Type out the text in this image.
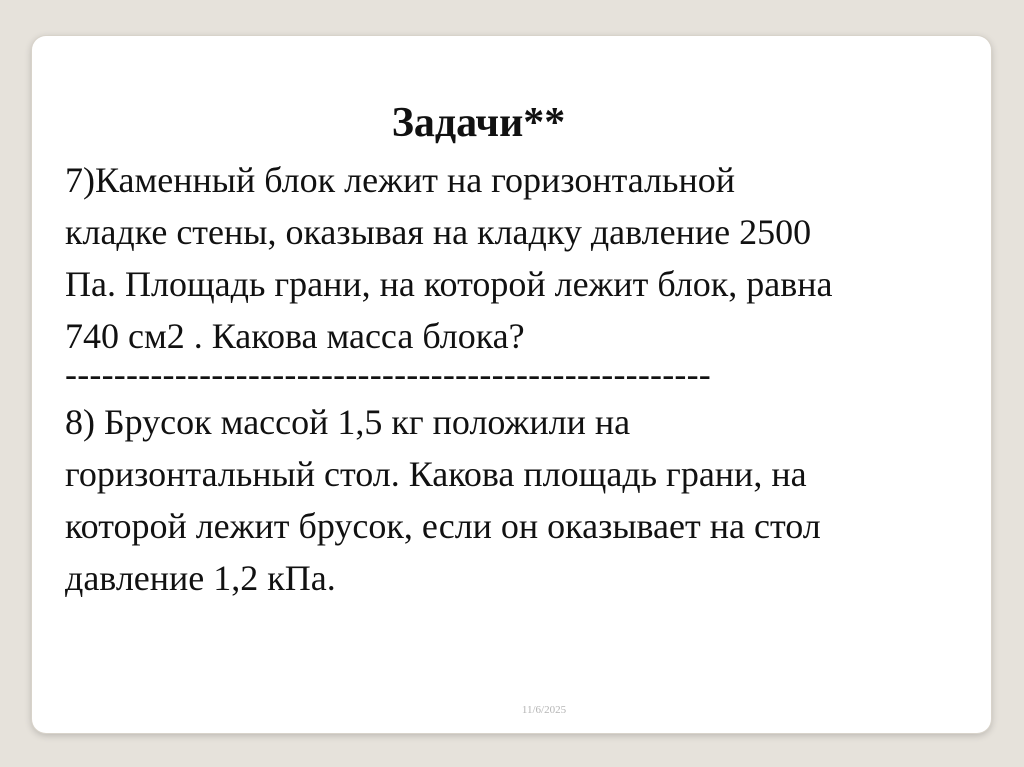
Задачи**

7)Каменный блок лежит на горизонтальной
кладке стены, оказывая на кладку давление 2500
Па. Площадь грани, на которой лежит блок, равна
740 см2 . Какова масса блока?

-----------------------------------------------------

8) Брусок массой 1,5 кг положили на
горизонтальный стол. Какова площадь грани, на
которой лежит брусок, если он оказывает на стол
давление 1,2 кПа.

11/6/2025
